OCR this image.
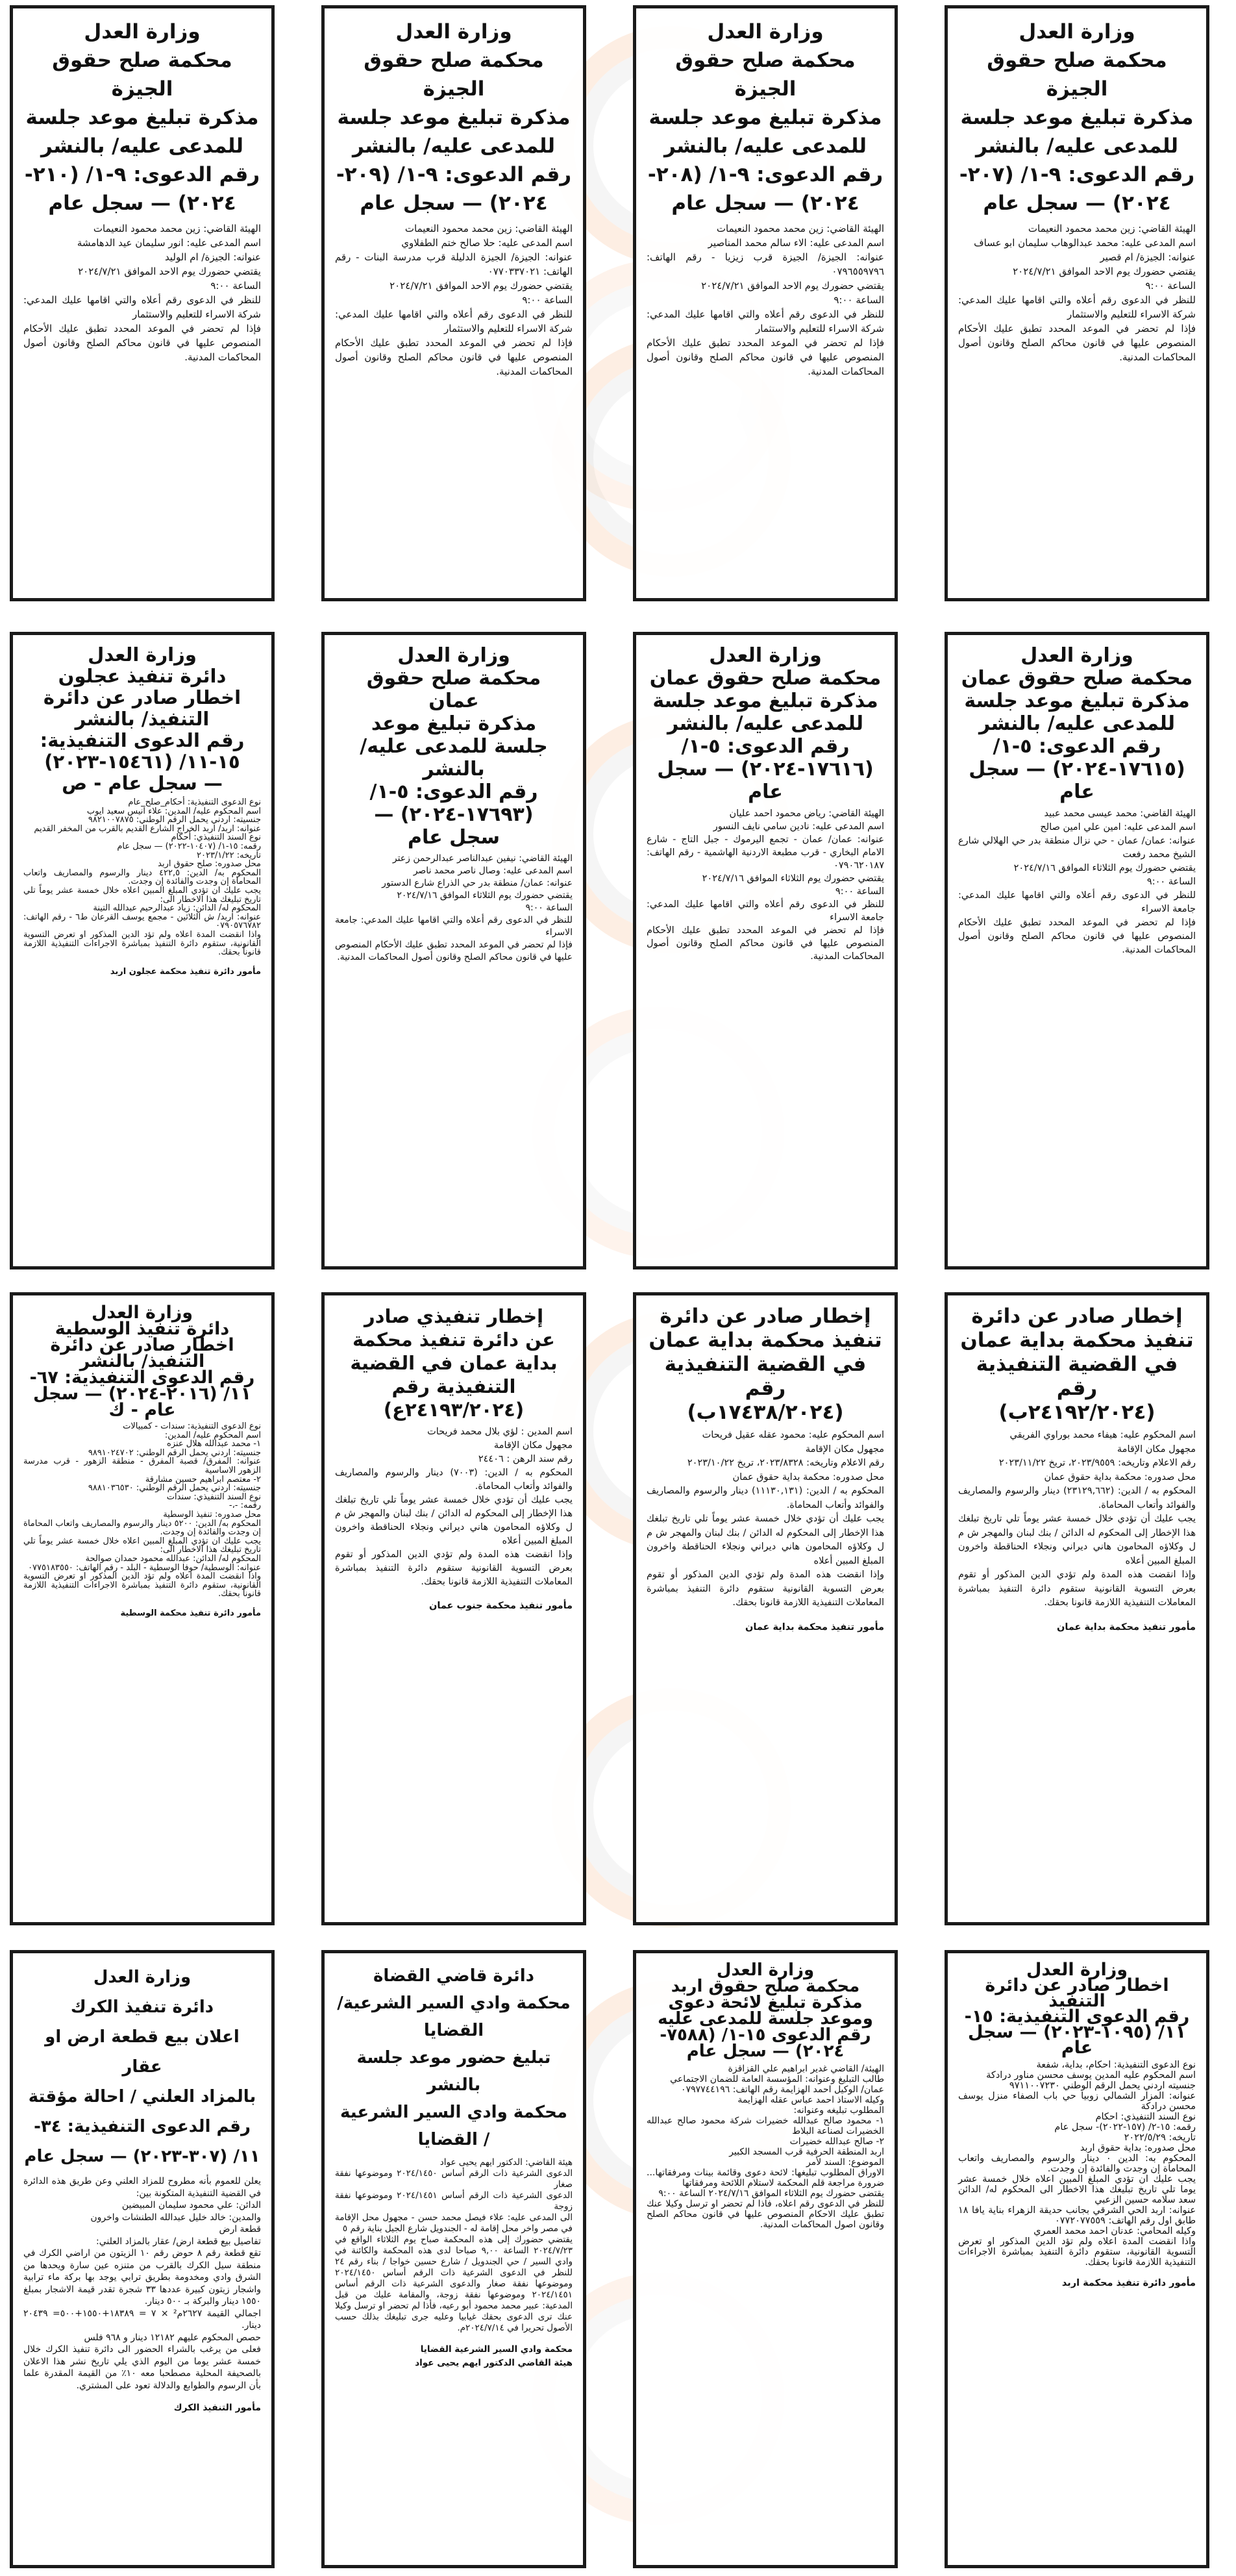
وزارة العدل
محكمة صلح حقوق
الجيزة
مذكرة تبليغ موعد جلسة
للمدعى عليه/ بالنشر
رقم الدعوى: ٩-١/ (٢٠٧-
٢٠٢٤) — سجل عام

الهيئة القاضي: زين محمد محمود النعيمات

اسم المدعى عليه: محمد عبدالوهاب سليمان ابو عساف

عنوانه: الجيزة/ ام قصير

يقتضي حضورك يوم الاحد الموافق ٢٠٢٤/٧/٢١

الساعة ٩:٠٠

للنظر في الدعوى رقم أعلاه والتي اقامها عليك المدعي: شركة الاسراء للتعليم والاستثمار

فإذا لم تحضر في الموعد المحدد تطبق عليك الأحكام المنصوص عليها في قانون محاكم الصلح وقانون أصول المحاكمات المدنية.

وزارة العدل
محكمة صلح حقوق
الجيزة
مذكرة تبليغ موعد جلسة
للمدعى عليه/ بالنشر
رقم الدعوى: ٩-١/ (٢٠٨-
٢٠٢٤) — سجل عام

الهيئة القاضي: زين محمد محمود النعيمات

اسم المدعى عليه: الاء سالم محمد المناصير

عنوانه: الجيزة/ الجيزة قرب زيزيا - رقم الهاتف: ٠٧٩٦٥٥٩٧٩٦

يقتضي حضورك يوم الاحد الموافق ٢٠٢٤/٧/٢١

الساعة ٩:٠٠

للنظر في الدعوى رقم أعلاه والتي اقامها عليك المدعي: شركة الاسراء للتعليم والاستثمار

فإذا لم تحضر في الموعد المحدد تطبق عليك الأحكام المنصوص عليها في قانون محاكم الصلح وقانون أصول المحاكمات المدنية.

وزارة العدل
محكمة صلح حقوق
الجيزة
مذكرة تبليغ موعد جلسة
للمدعى عليه/ بالنشر
رقم الدعوى: ٩-١/ (٢٠٩-
٢٠٢٤) — سجل عام

الهيئة القاضي: زين محمد محمود النعيمات

اسم المدعى عليه: حلا صالح ختم الطفلاوي

عنوانه: الجيزة/ الجيزة الدليلة قرب مدرسة البنات - رقم الهاتف: ٠٧٧٠٣٣٧٠٢١

يقتضي حضورك يوم الاحد الموافق ٢٠٢٤/٧/٢١

الساعة ٩:٠٠

للنظر في الدعوى رقم أعلاه والتي اقامها عليك المدعي: شركة الاسراء للتعليم والاستثمار

فإذا لم تحضر في الموعد المحدد تطبق عليك الأحكام المنصوص عليها في قانون محاكم الصلح وقانون أصول المحاكمات المدنية.

وزارة العدل
محكمة صلح حقوق
الجيزة
مذكرة تبليغ موعد جلسة
للمدعى عليه/ بالنشر
رقم الدعوى: ٩-١/ (٢١٠-
٢٠٢٤) — سجل عام

الهيئة القاضي: زين محمد محمود النعيمات

اسم المدعى عليه: انور سليمان عيد الدهامشة

عنوانه: الجيزة/ ام الوليد

يقتضي حضورك يوم الاحد الموافق ٢٠٢٤/٧/٢١

الساعة ٩:٠٠

للنظر في الدعوى رقم أعلاه والتي اقامها عليك المدعي: شركة الاسراء للتعليم والاستثمار

فإذا لم تحضر في الموعد المحدد تطبق عليك الأحكام المنصوص عليها في قانون محاكم الصلح وقانون أصول المحاكمات المدنية.

وزارة العدل
محكمة صلح حقوق عمان
مذكرة تبليغ موعد جلسة
للمدعى عليه/ بالنشر
رقم الدعوى: ٥-١/
(١٧٦١٥-٢٠٢٤) — سجل
عام

الهيئة القاضي: محمد عيسى محمد عبيد

اسم المدعى عليه: امين علي امين صالح

عنوانه: عمان/ عمان - حي نزال منطقة بدر حي الهلالي شارع الشيخ محمد رفعت

يقتضي حضورك يوم الثلاثاء الموافق ٢٠٢٤/٧/١٦

الساعة ٩:٠٠

للنظر في الدعوى رقم أعلاه والتي اقامها عليك المدعي: جامعة الاسراء

فإذا لم تحضر في الموعد المحدد تطبق عليك الأحكام المنصوص عليها في قانون محاكم الصلح وقانون أصول المحاكمات المدنية.

وزارة العدل
محكمة صلح حقوق عمان
مذكرة تبليغ موعد جلسة
للمدعى عليه/ بالنشر
رقم الدعوى: ٥-١/
(١٧٦١٦-٢٠٢٤) — سجل
عام

الهيئة القاضي: رياض محمود احمد عليان

اسم المدعى عليه: نادين سامي نايف النسور

عنوانه: عمان/ عمان - تجمع اليرموك - جبل التاج - شارع الامام البخاري - قرب مطبعة الاردنية الهاشمية - رقم الهاتف: ٠٧٩٠٦٢٠١٨٧

يقتضي حضورك يوم الثلاثاء الموافق ٢٠٢٤/٧/١٦

الساعة ٩:٠٠

للنظر في الدعوى رقم أعلاه والتي اقامها عليك المدعي: جامعة الاسراء

فإذا لم تحضر في الموعد المحدد تطبق عليك الأحكام المنصوص عليها في قانون محاكم الصلح وقانون أصول المحاكمات المدنية.

وزارة العدل
محكمة صلح حقوق
عمان
مذكرة تبليغ موعد
جلسة للمدعى عليه/
بالنشر
رقم الدعوى: ٥-١/
(١٧٦٩٣-٢٠٢٤) —
سجل عام

الهيئة القاضي: نيفين عبدالناصر عبدالرحمن زعتر

اسم المدعى عليه: وصال ناصر محمد ناصر

عنوانه: عمان/ منطقة بدر حي الذراع شارع الدستور

يقتضي حضورك يوم الثلاثاء الموافق ٢٠٢٤/٧/١٦

الساعة ٩:٠٠

للنظر في الدعوى رقم أعلاه والتي اقامها عليك المدعي: جامعة الاسراء

فإذا لم تحضر في الموعد المحدد تطبق عليك الأحكام المنصوص عليها في قانون محاكم الصلح وقانون أصول المحاكمات المدنية.

وزارة العدل
دائرة تنفيذ عجلون
اخطار صادر عن دائرة
التنفيذ/ بالنشر
رقم الدعوى التنفيذية:
١٥-١١/ (١٥٤٦١-٢٠٢٣)
— سجل عام - ص

نوع الدعوى التنفيذية: أحكام_صلح_عام

اسم المحكوم عليه/ المدين: علاء انيس سعيد ايوب

جنسيته: اردني يحمل الرقم الوطني: ٩٨٢١٠٠٧٨٧٥

عنوانه: اربد/ اربد الخراج الشارع القديم بالقرب من المخفر القديم

نوع السند التنفيذي: أحكام

رقمه: ١٥-١/ (١٠٤٠٧-٢٠٢٢) — سجل عام

تاريخه: ٢٠٢٣/١/٢٢

محل صدوره: صلح حقوق اربد

المحكوم به/ الدين: ٤٢٢,٥ دينار والرسوم والمصاريف واتعاب المحاماة إن وجدت والفائدة إن وجدت.

يجب عليك ان تؤدي المبلغ المبين اعلاه خلال خمسة عشر يوماً تلي تاريخ تبليغك هذا الاخطار الى:

المحكوم له/ الدائن: زياد عبدالرحيم عبدالله التينة

عنوانه: اربد/ ش الثلاثين - مجمع يوسف القرعان ط٦ - رقم الهاتف: ٠٧٩٠٥٧٦٧٨٢

واذا انقضت المدة اعلاه ولم تؤد الدين المذكور او تعرض التسوية القانونية، ستقوم دائرة التنفيذ بمباشرة الاجراءات التنفيذية اللازمة قانوناً بحقك.

مأمور دائرة تنفيذ محكمة عجلون اربد

إخطار صادر عن دائرة
تنفيذ محكمة بداية عمان
في القضية التنفيذية رقم
(٢٤١٩٢/٢٠٢٤ب)

اسم المحكوم عليه: هيفاء محمد بوراوي الفريقي

مجهول مكان الإقامة

رقم الاعلام وتاريخه: ٢٠٢٣/٩٥٥٩، تريخ ٢٠٢٣/١١/٢٢

محل صدوره: محكمة بداية حقوق عمان

المحكوم به / الدين: (٢٣١٢٩,٦٦٢) دينار والرسوم والمصاريف والفوائد وأتعاب المحاماة.

يجب عليك أن تؤدي خلال خمسة عشر يوماً تلي تاريخ تبلغك هذا الإخطار إلى المحكوم له الدائن / بنك لبنان والمهجر ش م ل وكلاؤه المحامون هاني ديراني ونجلاء الحناقطة واخرون المبلغ المبين أعلاه

وإذا انقضت هذه المدة ولم تؤدي الدين المذكور أو تقوم بعرض التسوية القانونية ستقوم دائرة التنفيذ بمباشرة المعاملات التنفيذية اللازمة قانونا بحقك.

مأمور تنفيذ محكمة بداية عمان

إخطار صادر عن دائرة
تنفيذ محكمة بداية عمان
في القضية التنفيذية رقم
(١٧٤٣٨/٢٠٢٤ب)

اسم المحكوم عليه: محمود عقله عقيل فريحات

مجهول مكان الإقامة

رقم الاعلام وتاريخه: ٢٠٢٣/٨٣٢٨، تريخ ٢٠٢٣/١٠/٢٢

محل صدوره: محكمة بداية حقوق عمان

المحكوم به / الدين: (١١١٣٠,١٣١) دينار والرسوم والمصاريف والفوائد وأتعاب المحاماة.

يجب عليك أن تؤدي خلال خمسة عشر يوماً تلي تاريخ تبلغك هذا الإخطار إلى المحكوم له الدائن / بنك لبنان والمهجر ش م ل وكلاؤه المحامون هاني ديراني ونجلاء الحناقطة واخرون المبلغ المبين أعلاه

وإذا انقضت هذه المدة ولم تؤدي الدين المذكور أو تقوم بعرض التسوية القانونية ستقوم دائرة التنفيذ بمباشرة المعاملات التنفيذية اللازمة قانونا بحقك.

مأمور تنفيذ محكمة بداية عمان

إخطار تنفيذي صادر
عن دائرة تنفيذ محكمة
بداية عمان في القضية
التنفيذية رقم
(٢٤١٩٣/٢٠٢٤ع)

اسم المدين : لؤي بلال محمد فريحات

مجهول مكان الإقامة

رقم سند الرهن : ٢٤٤٠٦

المحكوم به / الدين: (٧٠٠٣) دينار والرسوم والمصاريف والفوائد وأتعاب المحاماة.

يجب عليك أن تؤدي خلال خمسة عشر يوماً تلي تاريخ تبلغك هذا الإخطار إلى المحكوم له الدائن / بنك لبنان والمهجر ش م ل وكلاؤه المحامون هاني ديراني ونجلاء الحناقطة واخرون المبلغ المبين أعلاه

وإذا انقضت هذه المدة ولم تؤدي الدين المذكور أو تقوم بعرض التسوية القانونية ستقوم دائرة التنفيذ بمباشرة المعاملات التنفيذية اللازمة قانونا بحقك.

مأمور تنفيذ محكمة جنوب عمان

وزارة العدل
دائرة تنفيذ الوسطية
اخطار صادر عن دائرة
التنفيذ/ بالنشر
رقم الدعوى التنفيذية: ٦٧-
١١/ (٢٠١٦-٢٠٢٤) — سجل
عام - ك

نوع الدعوى التنفيذية: سندات - كمبيالات

اسم المحكوم عليه/ المدين:

١- محمد عبدالله هلال عنزه

جنسيته: اردني يحمل الرقم الوطني: ٩٨٩١٠٢٤٧٠٢

عنوانه: المفرق/ قصبة المفرق - منطقة الزهور - قرب مدرسة الزهور الاساسية

٢- معتصم ابراهيم حسين مشارقة

جنسيته: اردني يحمل الرقم الوطني: ٩٨٨١٠٣٦٥٣٠

نوع السند التنفيذي: سندات

رقمه: -،-

محل صدوره: تنفيذ الوسطية

المحكوم به/ الدين: ٥٢٠٠ دينار والرسوم والمصاريف واتعاب المحاماة إن وجدت والفائدة إن وجدت.

يجب عليك ان تؤدي المبلغ المبين اعلاه خلال خمسة عشر يوماً تلي تاريخ تبليغك هذا الاخطار الى:

المحكوم له/ الدائن: عبدالله محمود حمدان صوالحة

عنوانه: الوسطية/ حوفا الوسطية - البلد - رقم الهاتف: ٠٧٧٥١٨٣٥٥٠

واذا انقضت المدة اعلاه ولم تؤد الدين المذكور او تعرض التسوية القانونية، ستقوم دائرة التنفيذ بمباشرة الاجراءات التنفيذية اللازمة قانوناً بحقك.

مأمور دائرة تنفيذ محكمة الوسطية

وزارة العدل
اخطار صادر عن دائرة التنفيذ
رقم الدعوى التنفيذية: ١٥-
١١/ (١٠٩٥-٢٠٢٣) — سجل عام

نوع الدعوى التنفيذية: احكام، بداية، شفعة

اسم المحكوم عليه المدين يوسف محسن مناور درادكة

جنسيته اردني يحمل الرقم الوطني ٩٧١١٠٠٧٢٣٠

عنوانه: المزار الشمالي زوبيا حي باب الصفاء منزل يوسف محسن درادكة

نوع السند التنفيذي: احكام

رقمه: ١٥-٢/ (١٥٧-٢٠٢٢)- سجل عام

تاريخه: ٢٠٢٢/٥/٢٩

محل صدوره: بداية حقوق اربد

المحكوم به: الدين ٠ دينار والرسوم والمصاريف واتعاب المحاماة إن وجدت والفائدة إن وجدت.

يجب عليك ان تؤدي المبلغ المبين اعلاه خلال خمسة عشر يوما تلي تاريخ تبليغك هذا الاخطار الى المحكوم له/ الدائن سعد سلامه حسين الزعبي

عنوانه: اربد الحي الشرقي بجانب حديقة الزهراء بناية يافا ١٨ طابق اول رقم الهاتف: ٠٧٧٢٠٧٧٥٥٩

وكيله المحامي: عدنان احمد محمد العمري

واذا انقضت المدة اعلاه ولم تؤد الدين المذكور او تعرض التسوية القانونية، ستقوم دائرة التنفيذ بمباشرة الاجراءات التنفيذية اللازمة قانونا بحقك.

مأمور دائرة تنفيذ محكمة اربد

وزارة العدل
محكمة صلح حقوق اربد
مذكرة تبليغ لائحة دعوى
وموعد جلسة للمدعى عليه
رقم الدعوى ١٥-١/ (٧٥٨٨-
٢٠٢٤) — سجل عام

الهيئة/ القاضي غدير ابراهيم علي القزاقزة

طالب التبليغ وعنوانه: المؤسسة العامة للضمان الاجتماعي

عمان/ الوكيل احمد الهزايمة رقم الهاتف: ٠٧٩٧٧٤٤١٩٦

وكيله الاستاذ احمد عباس عقله الهزايمة

المطلوب تبليغه وعنوانه:

١- محمود صالح عبدالله خضيرات شركة محمود صالح عبدالله الخضيرات لصناعة البلاط

٢- صالح عبدالله خضيرات

اربد المنطقة الحرفية قرب المسجد الكبير

الموضوع: السند لأمر

الاوراق المطلوب تبليغها: لائحة دعوى وقائمة بينات ومرفقاتها... ضرورة مراجعة قلم المحكمة لاستلام اللائحة ومرفقاتها

يقتضى حضورك يوم الثلاثاء الموافق ٢٠٢٤/٧/١٦ الساعة ٩:٠٠

للنظر في الدعوى رقم اعلاه، فاذا لم تحضر او ترسل وكيلا عنك تطبق عليك الاحكام المنصوص عليها في قانون محاكم الصلح وقانون اصول المحاكمات المدنية.

دائرة قاضي القضاة
محكمة وادي السير الشرعية/
القضايا
تبليغ حضور موعد جلسة
بالنشر
محكمة وادي السير الشرعية
/ القضايا

هيئة القاضي: الدكتور ايهم يحيى عواد

الدعوى الشرعية ذات الرقم أساس ٢٠٢٤/١٤٥٠ وموضوعها نفقة صغار

الدعوى الشرعية ذات الرقم أساس ٢٠٢٤/١٤٥١ وموضوعها نفقة زوجة

الى المدعى عليه: علاء فيصل محمد حسن - مجهول محل الإقامة في مصر واخر محل إقامة له - الجندويل شارع الجيل بناية رقم ٥

يقتضي حضورك إلى هذه المحكمة صباح يوم الثلاثاء الواقع في ٢٠٢٤/٧/٢٣ الساعة ٩,٠٠ صباحا لدى هذه المحكمة والكائنة في وادي السير / حي الجندويل / شارع حسين خواجا / بناء رقم ٢٤ للنظر في الدعوى الشرعية ذات الرقم أساس ٢٠٢٤/١٤٥٠ وموضوعها نفقة صغار والدعوى الشرعية ذات الرقم أساس ٢٠٢٤/١٤٥١ وموضوعها نفقة زوجة، والمقامة عليك من قبل المدعية: عبير محمد محمود أبو رعيه، فأذا لم تحضر او ترسل وكيلا عنك ترى الدعوى بحقك غيابيا وعليه جرى تبليغك بذلك حسب الأصول تحريرا في ٢٠٢٤/٧/١٤م.

محكمة وادي السير الشرعية القضايا

هيئة القاضي الدكتور ايهم يحيى عواد

وزارة العدل
دائرة تنفيذ الكرك
اعلان بيع قطعة ارض او عقار
بالمزاد العلني / احالة مؤقتة
رقم الدعوى التنفيذية: ٣٤-
١١/ (٣٠٧-٢٠٢٣) — سجل عام

يعلن للعموم بأنه مطروح للمزاد العلني وعن طريق هذه الدائرة في القضية التنفيذية المتكونة بين:

الدائن: علي محمود سليمان المبيضين

والمدين: خالد خليل عبدالله الطنشات واخرون

قطعة ارض

تفاصيل بيع قطعة ارض/ عقار بالمزاد العلني:

تقع قطعة رقم ٨ حوض رقم ١٠ الزيتون من اراضي الكرك في منطقة سيل الكرك بالقرب من متنزه عين سارة ويحدها من الشرق وادي ومخدومة بطريق ترابي يوجد بها بركة ماء ترابية واشجار زيتون كبيرة عددها ٣٣ شجرة تقدر قيمة الاشجار بمبلغ ١٥٥٠ دينار والبركة بـ ٥٠٠ دينار.

اجمالي القيمة ٢٦٢٧م² × ٧ = ١٨٣٨٩+١٥٥٠+٥٠٠= ٢٠٤٣٩ دينار.

حصص المحكوم عليهم ١٢١٨٢ دينار و ٩٦٨ فلس

فعلى من يرغب بالشراء الحضور الى دائرة تنفيذ الكرك خلال خمسة عشر يوما من اليوم الذي يلي تاريخ نشر هذا الاعلان بالصحيفة المحلية مصطحبا معه ١٠٪ من القيمة المقدرة علما بأن الرسوم والطوابع والدلالة تعود على المشتري.

مأمور التنفيذ الكرك
